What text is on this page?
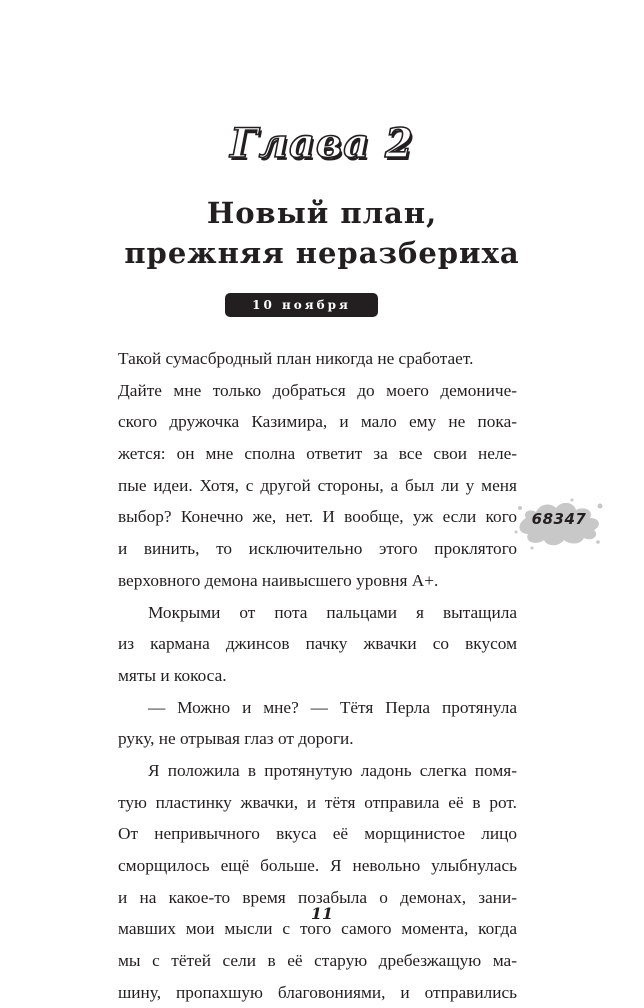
Глава 2
Новый план,
прежняя неразбериха
10 ноября
Такой сумасбродный план никогда не сработает.
Дайте мне только добраться до моего демониче-
ского дружочка Казимира, и мало ему не пока-
жется: он мне сполна ответит за все свои неле-
пые идеи. Хотя, с другой стороны, а был ли у меня
выбор? Конечно же, нет. И вообще, уж если кого
и винить, то исключительно этого проклятого
верховного демона наивысшего уровня А+.
Мокрыми от пота пальцами я вытащила
из кармана джинсов пачку жвачки со вкусом
мяты и кокоса.
— Можно и мне? — Тётя Перла протянула
руку, не отрывая глаз от дороги.
Я положила в протянутую ладонь слегка помя-
тую пластинку жвачки, и тётя отправила её в рот.
От непривычного вкуса её морщинистое лицо
сморщилось ещё больше. Я невольно улыбнулась
и на какое-то время позабыла о демонах, зани-
мавших мои мысли с того самого момента, когда
мы с тётей сели в её старую дребезжащую ма-
шину, пропахшую благовониями, и отправились
68347
11
